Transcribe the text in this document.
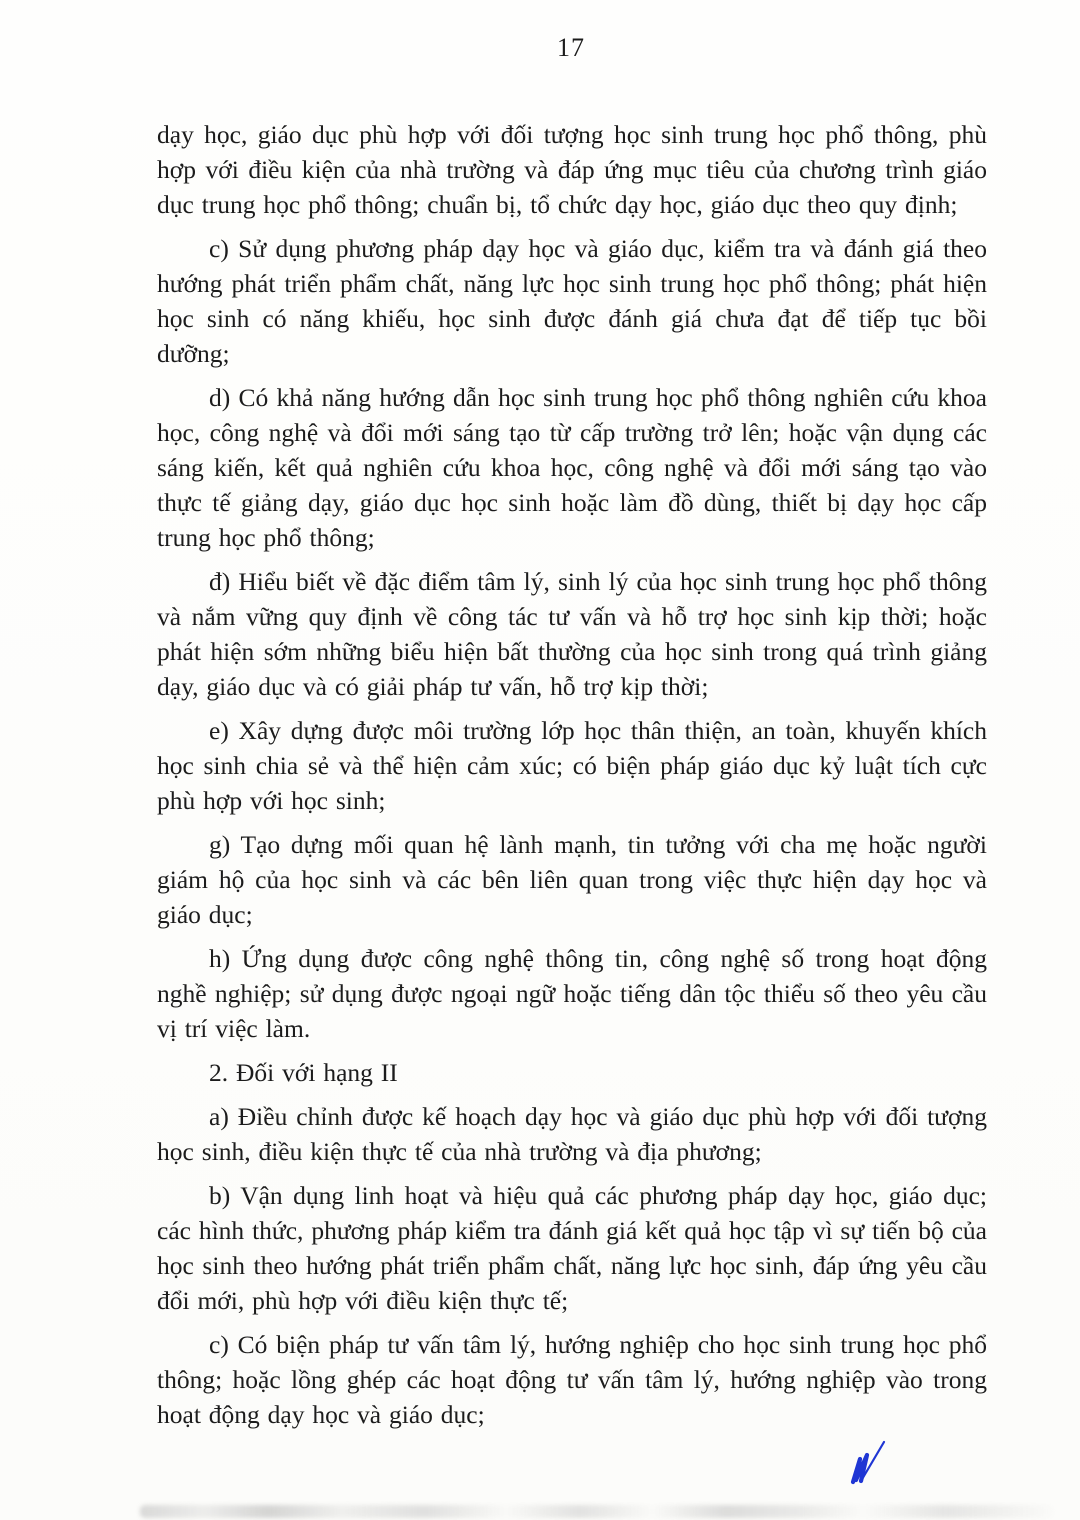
17

dạy học, giáo dục phù hợp với đối tượng học sinh trung học phổ thông, phù hợp với điều kiện của nhà trường và đáp ứng mục tiêu của chương trình giáo dục trung học phổ thông; chuẩn bị, tổ chức dạy học, giáo dục theo quy định;

c) Sử dụng phương pháp dạy học và giáo dục, kiểm tra và đánh giá theo hướng phát triển phẩm chất, năng lực học sinh trung học phổ thông; phát hiện học sinh có năng khiếu, học sinh được đánh giá chưa đạt để tiếp tục bồi dưỡng;

d) Có khả năng hướng dẫn học sinh trung học phổ thông nghiên cứu khoa học, công nghệ và đổi mới sáng tạo từ cấp trường trở lên; hoặc vận dụng các sáng kiến, kết quả nghiên cứu khoa học, công nghệ và đổi mới sáng tạo vào thực tế giảng dạy, giáo dục học sinh hoặc làm đồ dùng, thiết bị dạy học cấp trung học phổ thông;

đ) Hiểu biết về đặc điểm tâm lý, sinh lý của học sinh trung học phổ thông và nắm vững quy định về công tác tư vấn và hỗ trợ học sinh kịp thời; hoặc phát hiện sớm những biểu hiện bất thường của học sinh trong quá trình giảng dạy, giáo dục và có giải pháp tư vấn, hỗ trợ kịp thời;

e) Xây dựng được môi trường lớp học thân thiện, an toàn, khuyến khích học sinh chia sẻ và thể hiện cảm xúc; có biện pháp giáo dục kỷ luật tích cực phù hợp với học sinh;

g) Tạo dựng mối quan hệ lành mạnh, tin tưởng với cha mẹ hoặc người giám hộ của học sinh và các bên liên quan trong việc thực hiện dạy học và giáo dục;

h) Ứng dụng được công nghệ thông tin, công nghệ số trong hoạt động nghề nghiệp; sử dụng được ngoại ngữ hoặc tiếng dân tộc thiểu số theo yêu cầu vị trí việc làm.

2. Đối với hạng II

a) Điều chỉnh được kế hoạch dạy học và giáo dục phù hợp với đối tượng học sinh, điều kiện thực tế của nhà trường và địa phương;

b) Vận dụng linh hoạt và hiệu quả các phương pháp dạy học, giáo dục; các hình thức, phương pháp kiểm tra đánh giá kết quả học tập vì sự tiến bộ của học sinh theo hướng phát triển phẩm chất, năng lực học sinh, đáp ứng yêu cầu đổi mới, phù hợp với điều kiện thực tế;

c) Có biện pháp tư vấn tâm lý, hướng nghiệp cho học sinh trung học phổ thông; hoặc lồng ghép các hoạt động tư vấn tâm lý, hướng nghiệp vào trong hoạt động dạy học và giáo dục;
